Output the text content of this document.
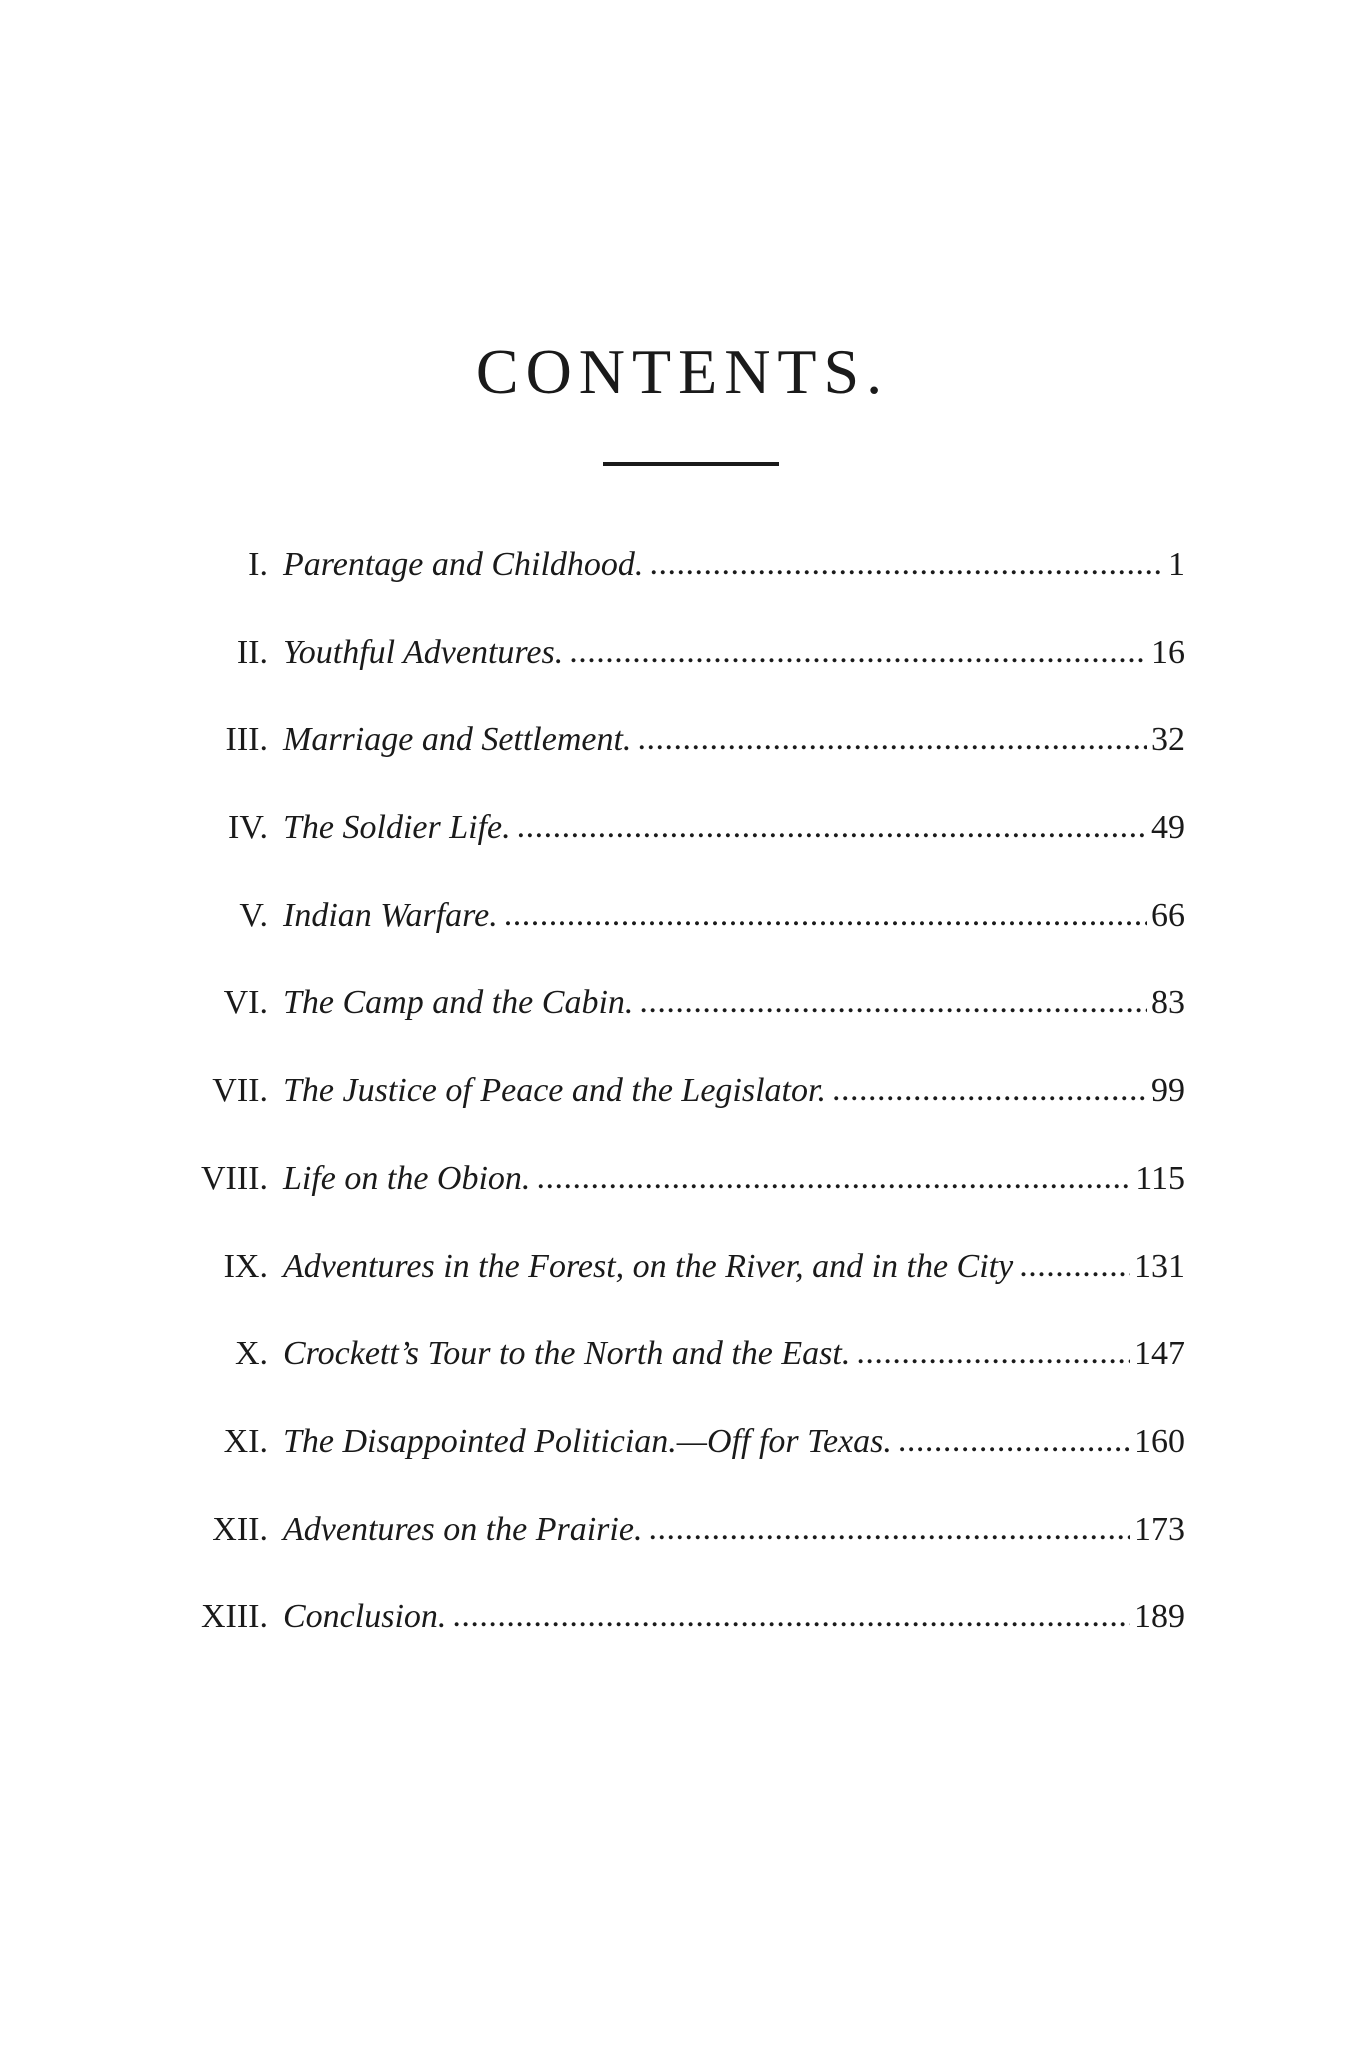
CONTENTS.
I. Parentage and Childhood. .....	1
II. Youthful Adventures. .....	16
III. Marriage and Settlement. .....	32
IV. The Soldier Life. .....	49
V. Indian Warfare. .....	66
VI. The Camp and the Cabin. .....	83
VII. The Justice of Peace and the Legislator. .....	99
VIII. Life on the Obion. .....	115
IX. Adventures in the Forest, on the River, and in the City .....	131
X. Crockett’s Tour to the North and the East. .....	147
XI. The Disappointed Politician.—Off for Texas. .....	160
XII. Adventures on the Prairie. .....	173
XIII. Conclusion. .....	189
